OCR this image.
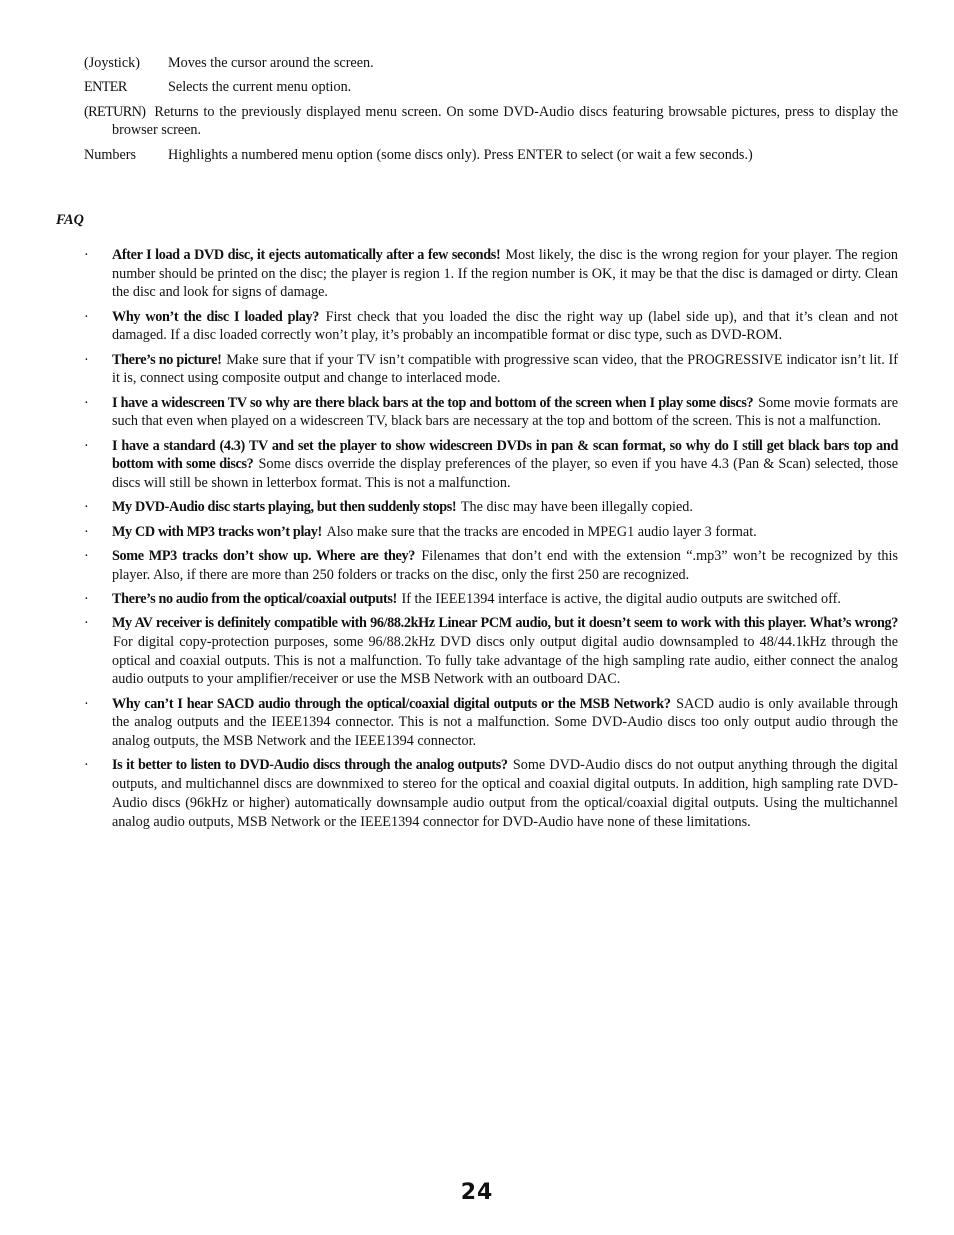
(Joystick) Moves the cursor around the screen.
ENTER	Selects the current menu option.
(RETURN) Returns to the previously displayed menu screen. On some DVD-Audio discs featuring browsable pictures, press to display the browser screen.
Numbers Highlights a numbered menu option (some discs only). Press ENTER to select (or wait a few seconds.)
FAQ
·	After I load a DVD disc, it ejects automatically after a few seconds! Most likely, the disc is the wrong region for your player. The region number should be printed on the disc; the player is region 1. If the region number is OK, it may be that the disc is damaged or dirty. Clean the disc and look for signs of damage.
·	Why won’t the disc I loaded play? First check that you loaded the disc the right way up (label side up), and that it’s clean and not damaged. If a disc loaded correctly won’t play, it’s probably an incompatible format or disc type, such as DVD-ROM.
·	There’s no picture! Make sure that if your TV isn’t compatible with progressive scan video, that the PROGRESSIVE indicator isn’t lit. If it is, connect using composite output and change to interlaced mode.
·	I have a widescreen TV so why are there black bars at the top and bottom of the screen when I play some discs? Some movie formats are such that even when played on a widescreen TV, black bars are necessary at the top and bottom of the screen. This is not a malfunction.
·	I have a standard (4.3) TV and set the player to show widescreen DVDs in pan & scan format, so why do I still get black bars top and bottom with some discs? Some discs override the display preferences of the player, so even if you have 4.3 (Pan & Scan) selected, those discs will still be shown in letterbox format. This is not a malfunction.
·	My DVD-Audio disc starts playing, but then suddenly stops! The disc may have been illegally copied.
·	My CD with MP3 tracks won’t play! Also make sure that the tracks are encoded in MPEG1 audio layer 3 format.
·	Some MP3 tracks don’t show up. Where are they? Filenames that don’t end with the extension “.mp3” won’t be recognized by this player. Also, if there are more than 250 folders or tracks on the disc, only the first 250 are recognized.
·	There’s no audio from the optical/coaxial outputs! If the IEEE1394 interface is active, the digital audio outputs are switched off.
·	My AV receiver is definitely compatible with 96/88.2kHz Linear PCM audio, but it doesn’t seem to work with this player. What’s wrong? For digital copy-protection purposes, some 96/88.2kHz DVD discs only output digital audio downsampled to 48/44.1kHz through the optical and coaxial outputs. This is not a malfunction. To fully take advantage of the high sampling rate audio, either connect the analog audio outputs to your amplifier/receiver or use the MSB Network with an outboard DAC.
·	Why can’t I hear SACD audio through the optical/coaxial digital outputs or the MSB Network? SACD audio is only available through the analog outputs and the IEEE1394 connector. This is not a malfunction. Some DVD-Audio discs too only output audio through the analog outputs, the MSB Network and the IEEE1394 connector.
·	Is it better to listen to DVD-Audio discs through the analog outputs? Some DVD-Audio discs do not output anything through the digital outputs, and multichannel discs are downmixed to stereo for the optical and coaxial digital outputs. In addition, high sampling rate DVD-Audio discs (96kHz or higher) automatically downsample audio output from the optical/coaxial digital outputs. Using the multichannel analog audio outputs, MSB Network or the IEEE1394 connector for DVD-Audio have none of these limitations.
24
